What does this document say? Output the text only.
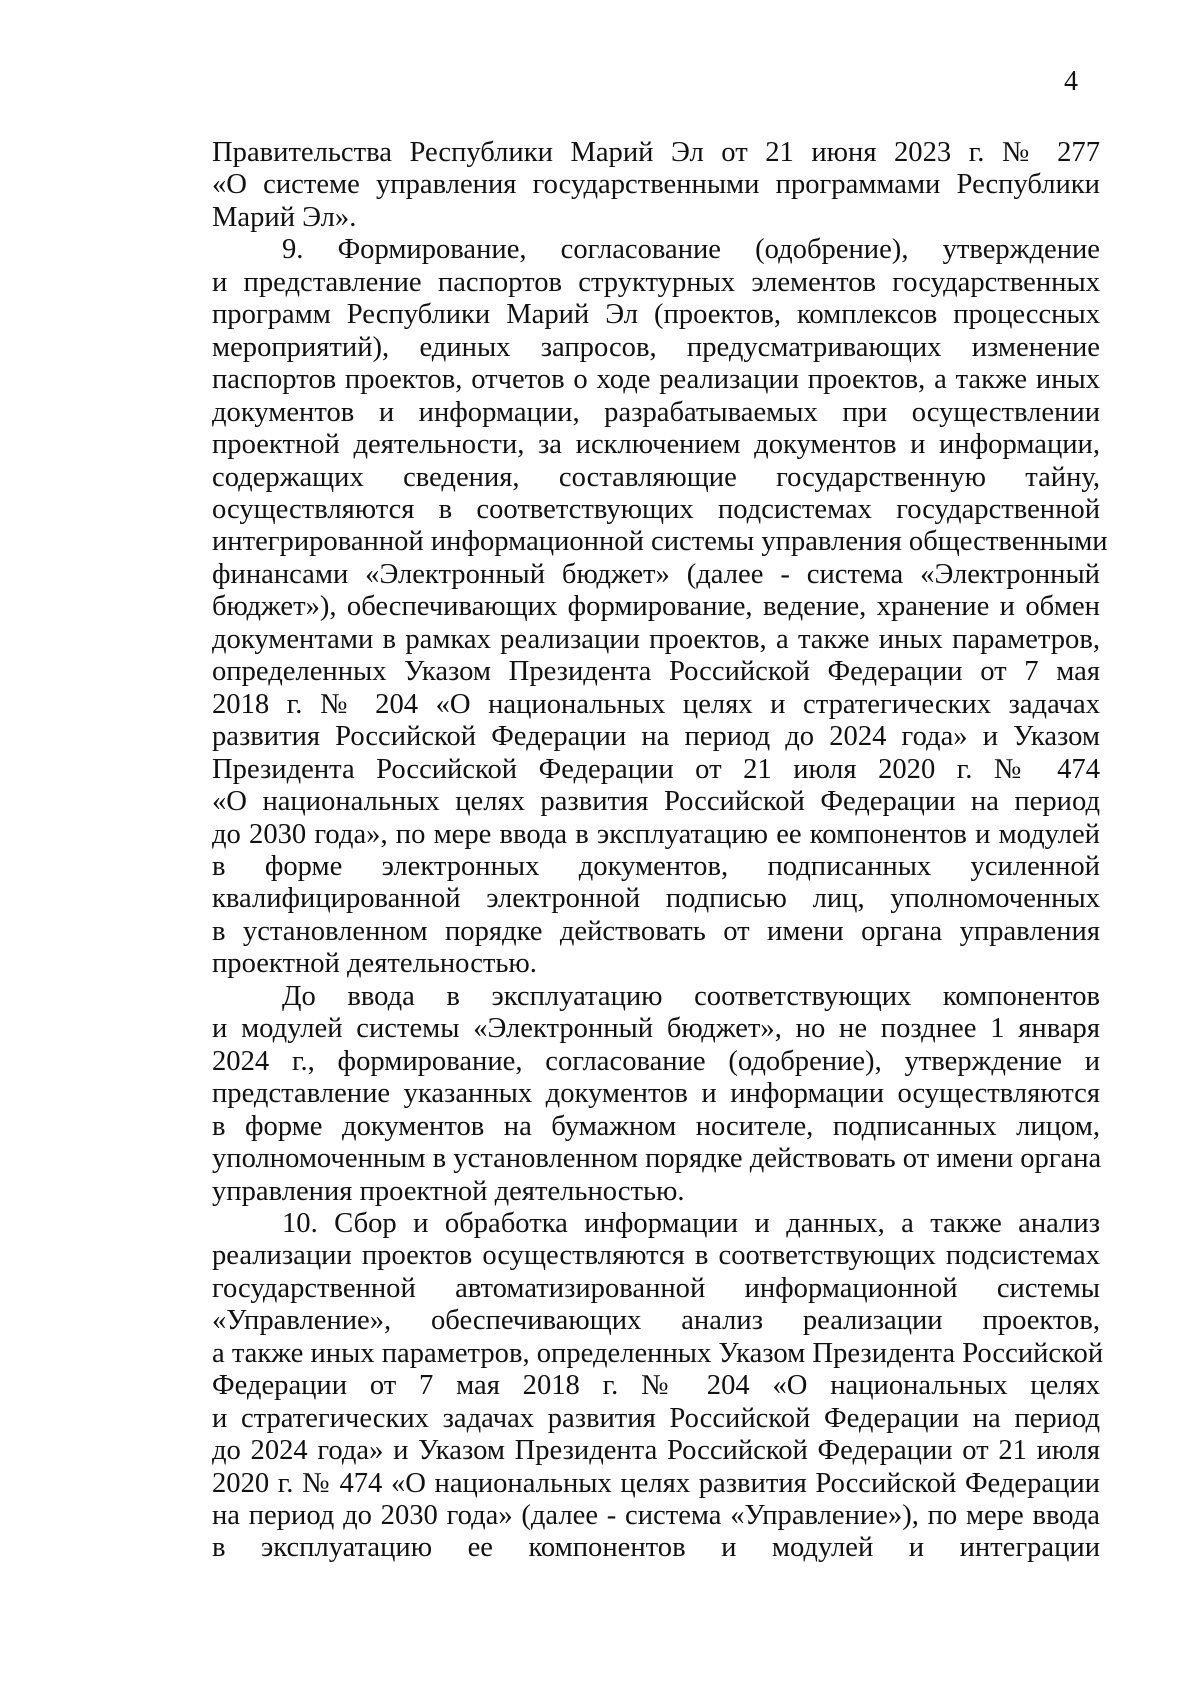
4
Правительства Республики Марий Эл от 21 июня 2023 г. № 277
«О системе управления государственными программами Республики
Марий Эл».
9. Формирование, согласование (одобрение), утверждение
и представление паспортов структурных элементов государственных
программ Республики Марий Эл (проектов, комплексов процессных
мероприятий), единых запросов, предусматривающих изменение
паспортов проектов, отчетов о ходе реализации проектов, а также иных
документов и информации, разрабатываемых при осуществлении
проектной деятельности, за исключением документов и информации,
содержащих сведения, составляющие государственную тайну,
осуществляются в соответствующих подсистемах государственной
интегрированной информационной системы управления общественными
финансами «Электронный бюджет» (далее - система «Электронный
бюджет»), обеспечивающих формирование, ведение, хранение и обмен
документами в рамках реализации проектов, а также иных параметров,
определенных Указом Президента Российской Федерации от 7 мая
2018 г. № 204 «О национальных целях и стратегических задачах
развития Российской Федерации на период до 2024 года» и Указом
Президента Российской Федерации от 21 июля 2020 г. № 474
«О национальных целях развития Российской Федерации на период
до 2030 года», по мере ввода в эксплуатацию ее компонентов и модулей
в форме электронных документов, подписанных усиленной
квалифицированной электронной подписью лиц, уполномоченных
в установленном порядке действовать от имени органа управления
проектной деятельностью.
До ввода в эксплуатацию соответствующих компонентов
и модулей системы «Электронный бюджет», но не позднее 1 января
2024 г., формирование, согласование (одобрение), утверждение и
представление указанных документов и информации осуществляются
в форме документов на бумажном носителе, подписанных лицом,
уполномоченным в установленном порядке действовать от имени органа
управления проектной деятельностью.
10. Сбор и обработка информации и данных, а также анализ
реализации проектов осуществляются в соответствующих подсистемах
государственной автоматизированной информационной системы
«Управление», обеспечивающих анализ реализации проектов,
а также иных параметров, определенных Указом Президента Российской
Федерации от 7 мая 2018 г. № 204 «О национальных целях
и стратегических задачах развития Российской Федерации на период
до 2024 года» и Указом Президента Российской Федерации от 21 июля
2020 г. № 474 «О национальных целях развития Российской Федерации
на период до 2030 года» (далее - система «Управление»), по мере ввода
в эксплуатацию ее компонентов и модулей и интеграции
